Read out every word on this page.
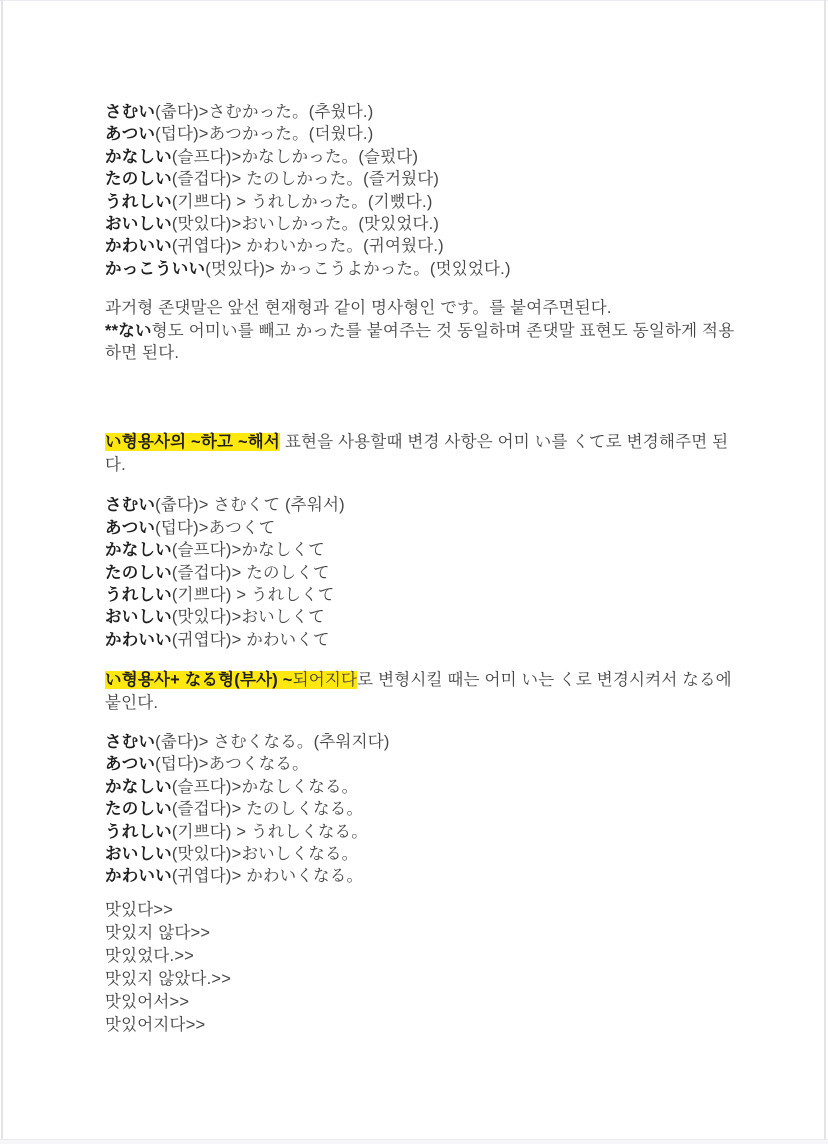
さむい(춥다)>さむかった。(추웠다.)
あつい(덥다)>あつかった。(더웠다.)
かなしい(슬프다)>かなしかった。(슬펐다)
たのしい(즐겁다)> たのしかった。(즐거웠다)
うれしい(기쁘다) > うれしかった。(기뻤다.)
おいしい(맛있다)>おいしかった。(맛있었다.)
かわいい(귀엽다)> かわいかった。(귀여웠다.)
かっこういい(멋있다)> かっこうよかった。(멋있었다.)
과거형 존댓말은 앞선 현재형과 같이 명사형인 です。를 붙여주면된다.
**ない형도 어미い를 빼고 かった를 붙여주는 것 동일하며 존댓말 표현도 동일하게 적용하면 된다.
い형용사의 ~하고 ~해서 표현을 사용할때 변경 사항은 어미 い를 くて로 변경해주면 된다.
さむい(춥다)> さむくて (추워서)
あつい(덥다)>あつくて
かなしい(슬프다)>かなしくて
たのしい(즐겁다)> たのしくて
うれしい(기쁘다) > うれしくて
おいしい(맛있다)>おいしくて
かわいい(귀엽다)> かわいくて
い형용사+ なる형(부사) ~되어지다로 변형시킬 때는 어미 い는 く로 변경시켜서 なる에 붙인다.
さむい(춥다)> さむくなる。(추워지다)
あつい(덥다)>あつくなる。
かなしい(슬프다)>かなしくなる。
たのしい(즐겁다)> たのしくなる。
うれしい(기쁘다) > うれしくなる。
おいしい(맛있다)>おいしくなる。
かわいい(귀엽다)> かわいくなる。
맛있다>>
맛있지 않다>>
맛있었다.>>
맛있지 않았다.>>
맛있어서>>
맛있어지다>>
